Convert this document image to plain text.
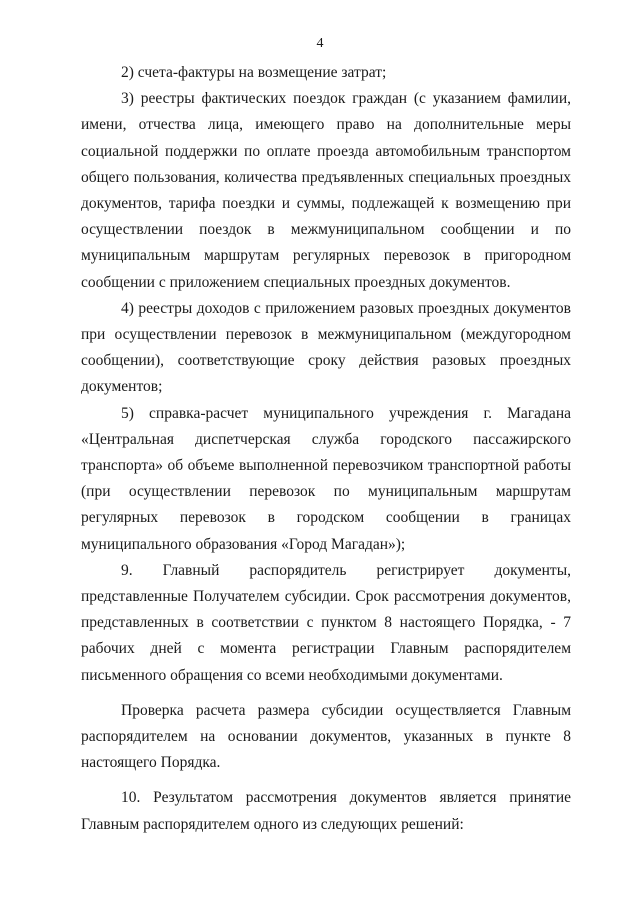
4

2) счета-фактуры на возмещение затрат;

3) реестры фактических поездок граждан (с указанием фамилии, имени, отчества лица, имеющего право на дополнительные меры социальной поддержки по оплате проезда автомобильным транспортом общего пользования, количества предъявленных специальных проездных документов, тарифа поездки и суммы, подлежащей к возмещению при осуществлении поездок в межмуниципальном сообщении и по муниципальным маршрутам регулярных перевозок в пригородном сообщении с приложением специальных проездных документов.

4) реестры доходов с приложением разовых проездных документов при осуществлении перевозок в межмуниципальном (междугородном сообщении), соответствующие сроку действия разовых проездных документов;

5) справка-расчет муниципального учреждения г. Магадана «Центральная диспетчерская служба городского пассажирского транспорта» об объеме выполненной перевозчиком транспортной работы (при осуществлении перевозок по муниципальным маршрутам регулярных перевозок в городском сообщении в границах муниципального образования «Город Магадан»);

9. Главный распорядитель регистрирует документы, представленные Получателем субсидии. Срок рассмотрения документов, представленных в соответствии с пунктом 8 настоящего Порядка, - 7 рабочих дней с момента регистрации Главным распорядителем письменного обращения со всеми необходимыми документами.

Проверка расчета размера субсидии осуществляется Главным распорядителем на основании документов, указанных в пункте 8 настоящего Порядка.

10. Результатом рассмотрения документов является принятие Главным распорядителем одного из следующих решений:
